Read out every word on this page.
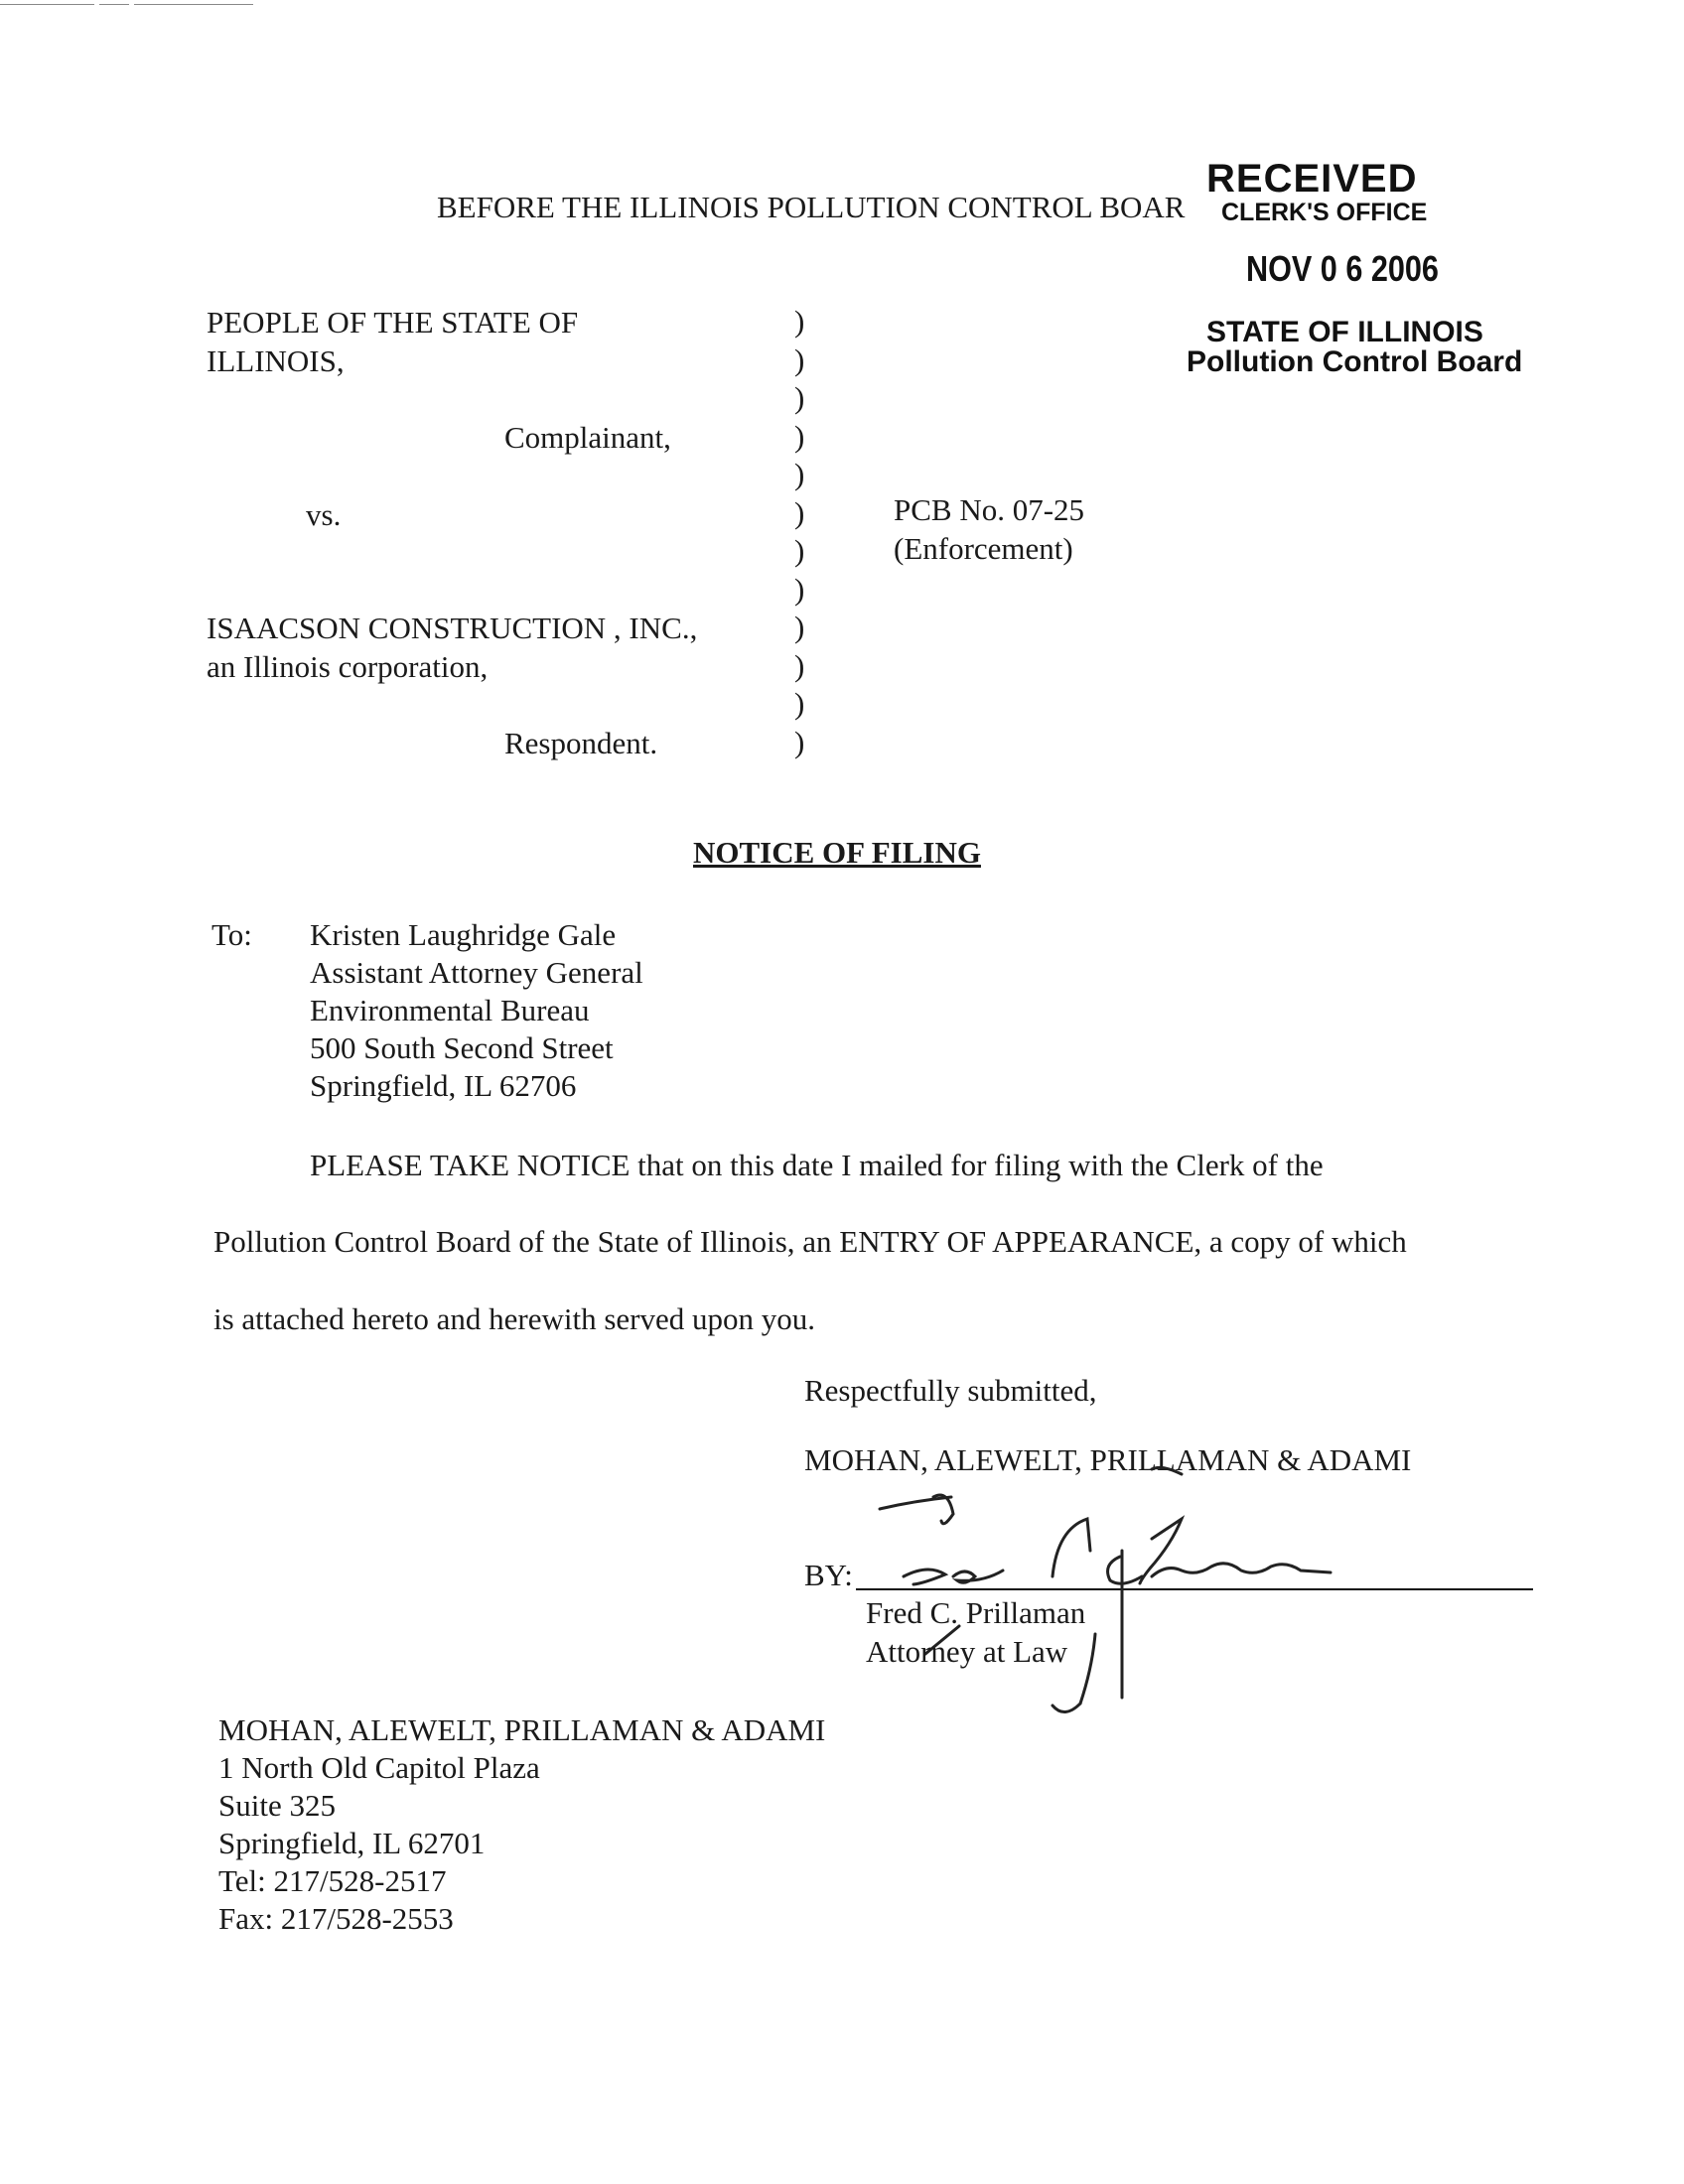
BEFORE THE ILLINOIS POLLUTION CONTROL BOAR
RECEIVED
CLERK'S OFFICE
NOV 0 6 2006
STATE OF ILLINOIS
Pollution Control Board
PEOPLE OF THE STATE OF
ILLINOIS,
Complainant,
vs.
ISAACSON CONSTRUCTION , INC.,
an Illinois corporation,
Respondent.
)
)
)
)
)
)
)
)
)
)
)
)
PCB No. 07-25
(Enforcement)
NOTICE OF FILING
To: Kristen Laughridge Gale
Assistant Attorney General
Environmental Bureau
500 South Second Street
Springfield, IL 62706
PLEASE TAKE NOTICE that on this date I mailed for filing with the Clerk of the
Pollution Control Board of the State of Illinois, an ENTRY OF APPEARANCE, a copy of which
is attached hereto and herewith served upon you.
Respectfully submitted,
MOHAN, ALEWELT, PRILLAMAN & ADAMI
BY:
Fred C. Prillaman
Attorney at Law
MOHAN, ALEWELT, PRILLAMAN & ADAMI
1 North Old Capitol Plaza
Suite 325
Springfield, IL 62701
Tel: 217/528-2517
Fax: 217/528-2553
